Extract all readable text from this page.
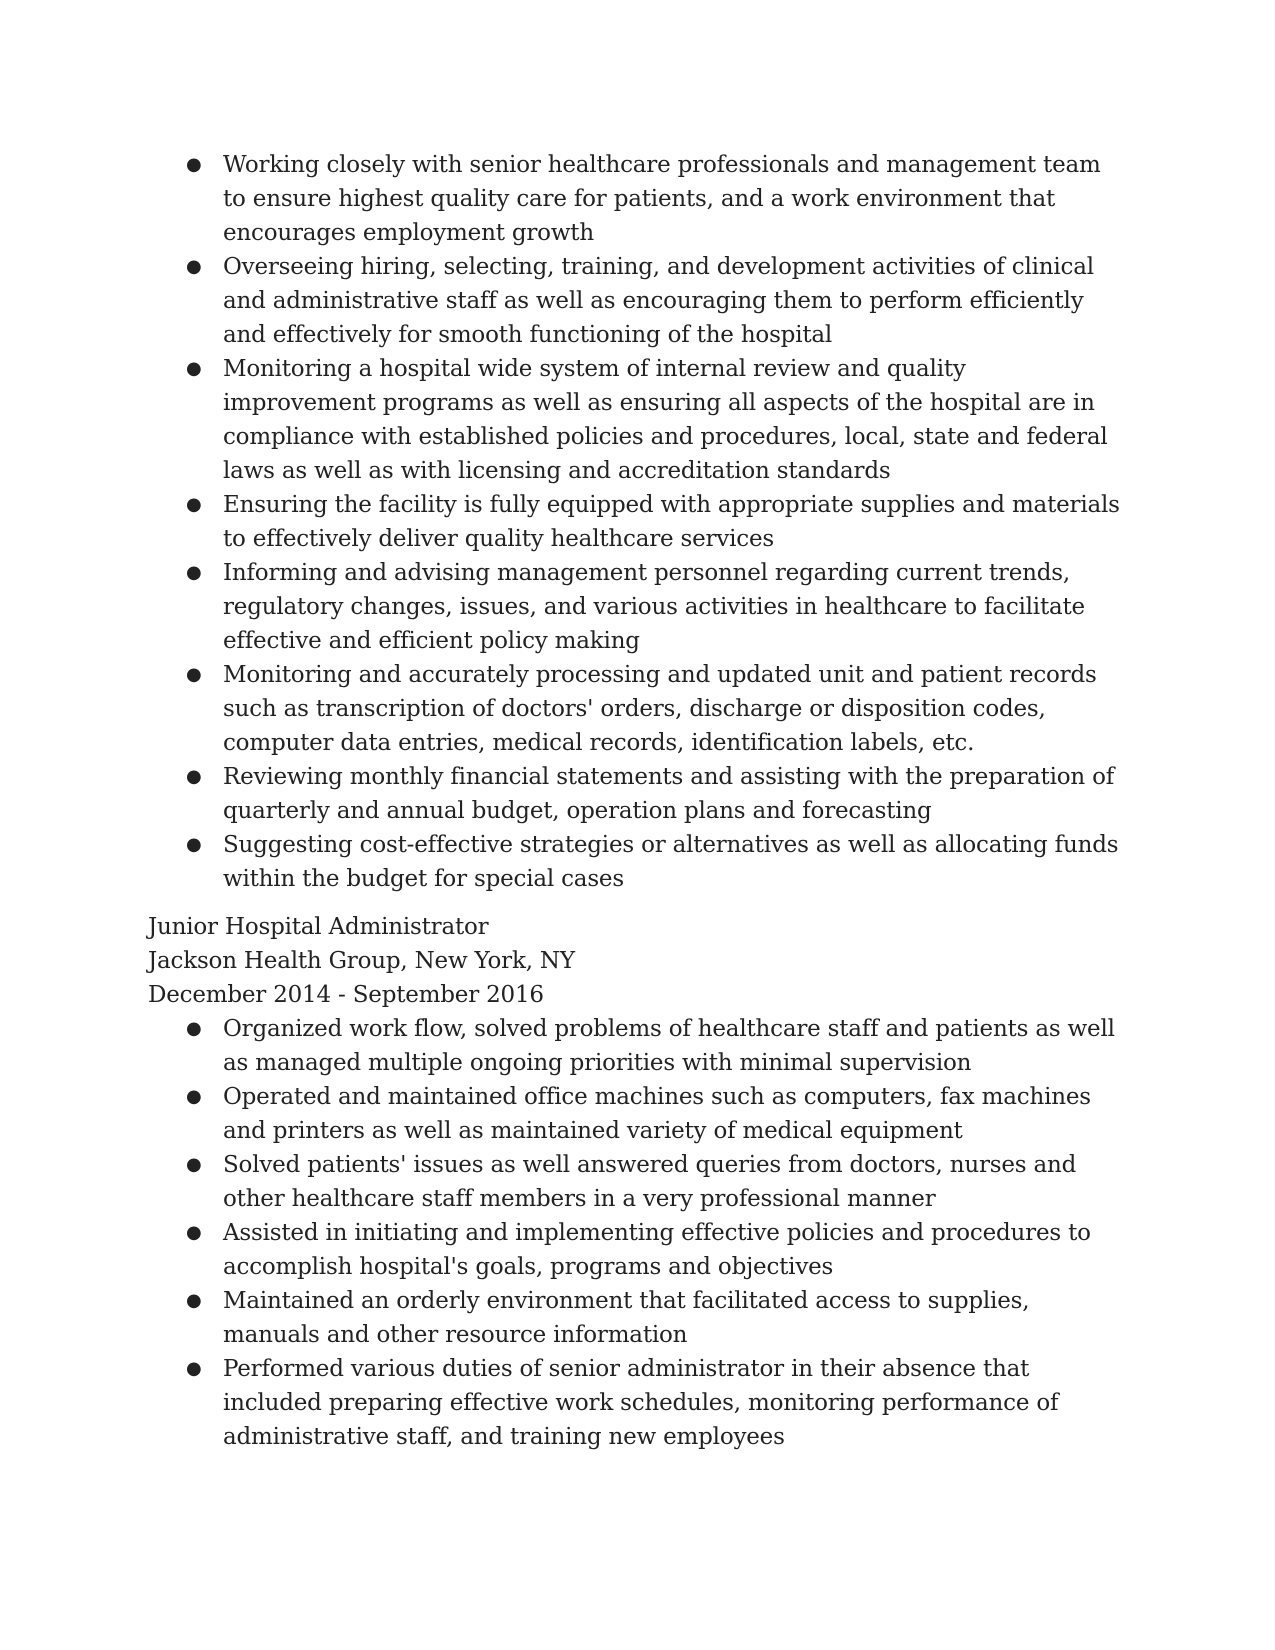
● Working closely with senior healthcare professionals and management team to ensure highest quality care for patients, and a work environment that encourages employment growth
● Overseeing hiring, selecting, training, and development activities of clinical and administrative staff as well as encouraging them to perform efficiently and effectively for smooth functioning of the hospital
● Monitoring a hospital wide system of internal review and quality improvement programs as well as ensuring all aspects of the hospital are in compliance with established policies and procedures, local, state and federal laws as well as with licensing and accreditation standards
● Ensuring the facility is fully equipped with appropriate supplies and materials to effectively deliver quality healthcare services
● Informing and advising management personnel regarding current trends, regulatory changes, issues, and various activities in healthcare to facilitate effective and efficient policy making
● Monitoring and accurately processing and updated unit and patient records such as transcription of doctors' orders, discharge or disposition codes, computer data entries, medical records, identification labels, etc.
● Reviewing monthly financial statements and assisting with the preparation of quarterly and annual budget, operation plans and forecasting
● Suggesting cost-effective strategies or alternatives as well as allocating funds within the budget for special cases

Junior Hospital Administrator

Jackson Health Group, New York, NY

December 2014 - September 2016

● Organized work flow, solved problems of healthcare staff and patients as well as managed multiple ongoing priorities with minimal supervision
● Operated and maintained office machines such as computers, fax machines and printers as well as maintained variety of medical equipment
● Solved patients' issues as well answered queries from doctors, nurses and other healthcare staff members in a very professional manner
● Assisted in initiating and implementing effective policies and procedures to accomplish hospital's goals, programs and objectives
● Maintained an orderly environment that facilitated access to supplies, manuals and other resource information
● Performed various duties of senior administrator in their absence that included preparing effective work schedules, monitoring performance of administrative staff, and training new employees
